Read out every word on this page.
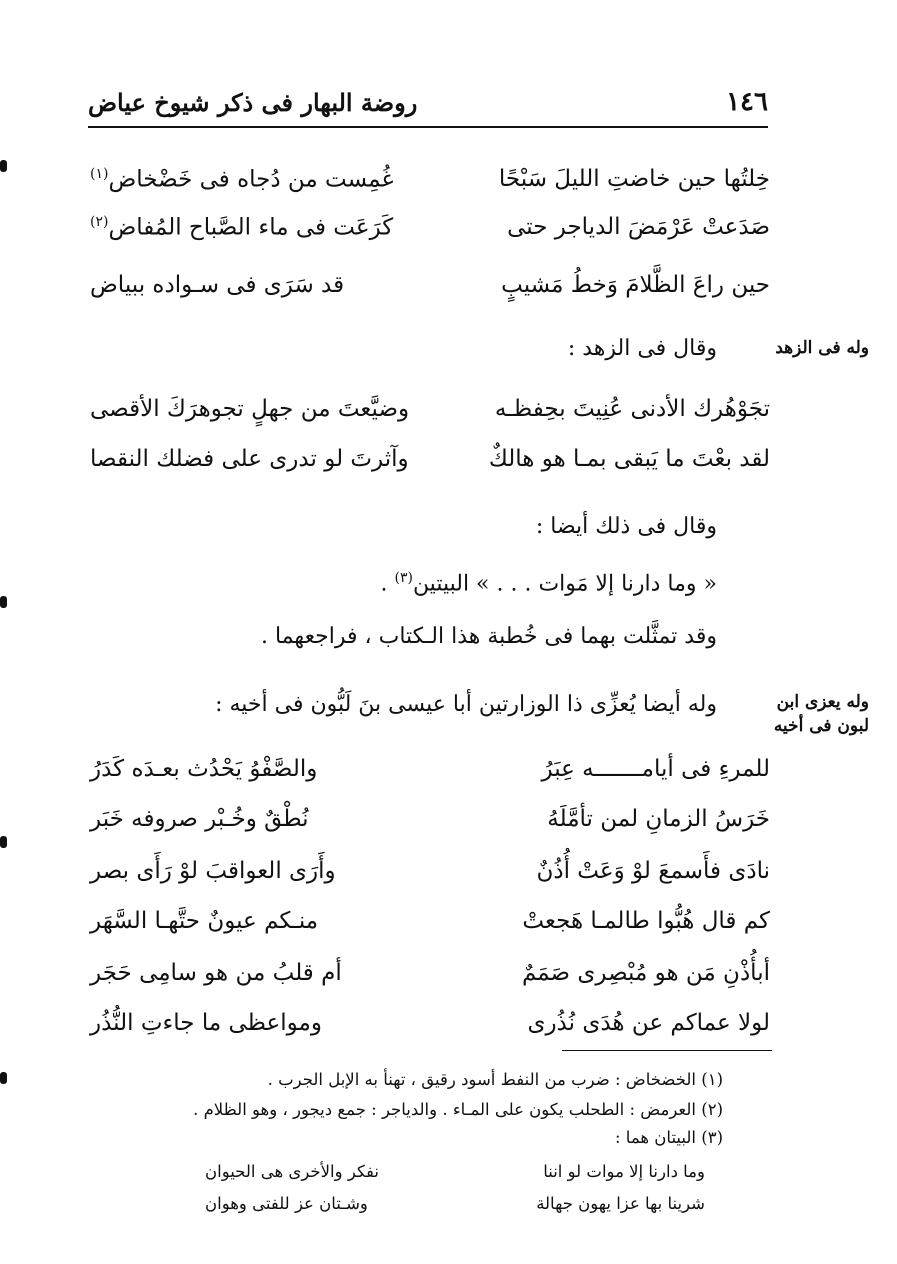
١٤٦
روضة البهار فى ذكر شيوخ عياض
خِلتُها حين خاضتِ الليلَ سَبْحًا
غُمِست من دُجاه فى خَضْخاض$^{(١)}$
صَدَعتْ عَرْمَضَ الدياجر حتى
كَرَعَت فى ماء الصَّباح المُفاض$^{(٢)}$
حين راعَ الظَّلامَ وَخطُ مَشيبٍ
قد سَرَى فى سـواده ببياض
وله فى الزهد
وقال فى الزهد :
تجَوْهُرك الأدنى عُنِيتَ بحِفظـه
وضيَّعتَ من جهلٍ تجوهرَكَ الأقصى
لقد بعْتَ ما يَبقى بمـا هو هالكٌ
وآثرتَ لو تدرى على فضلك النقصا
وقال فى ذلك أيضا :
« وما دارنا إلا مَوات . . . » البيتين$^{(٣)}$ .
وقد تمثَّلت بهما فى خُطبة هذا الـكتاب ، فراجعهما .
وله يعزى ابن
لبون فى أخيه
وله أيضا يُعزِّى ذا الوزارتين أبا عيسى بنَ لَبُّون فى أخيه :
للمرءِ فى أيامـــــــه عِبَرُ
والصَّفْوُ يَحْدُث بعـدَه كَدَرُ
خَرَسُ الزمانِ لمن تأمَّلَهُ
نُطْقٌ وخُـبْر صروفه خَبَر
نادَى فأَسمعَ لوْ وَعَتْ أُذُنٌ
وأَرَى العواقبَ لوْ رَأَى بصر
كم قال هُبُّوا طالمـا هَجعتْ
منـكم عيونٌ حتَّهـا السَّهَر
أبأُذْنِ مَن هو مُبْصِرى صَمَمٌ
أم قلبُ من هو سامِى حَجَر
لولا عماكم عن هُدَى نُذُرى
ومواعظى ما جاءتِ النُّذُر
(١) الخضخاض : ضرب من النفط أسود رقيق ، تهنأ به الإبل الجرب .
(٢) العرمض : الطحلب يكون على المـاء . والدياجر : جمع ديجور ، وهو الظلام .
(٣) البيتان هما :
وما دارنا إلا موات لو اننا
نفكر والأخرى هى الحيوان
شرينا بها عزا يهون جهالة
وشـتان عز للفتى وهوان
